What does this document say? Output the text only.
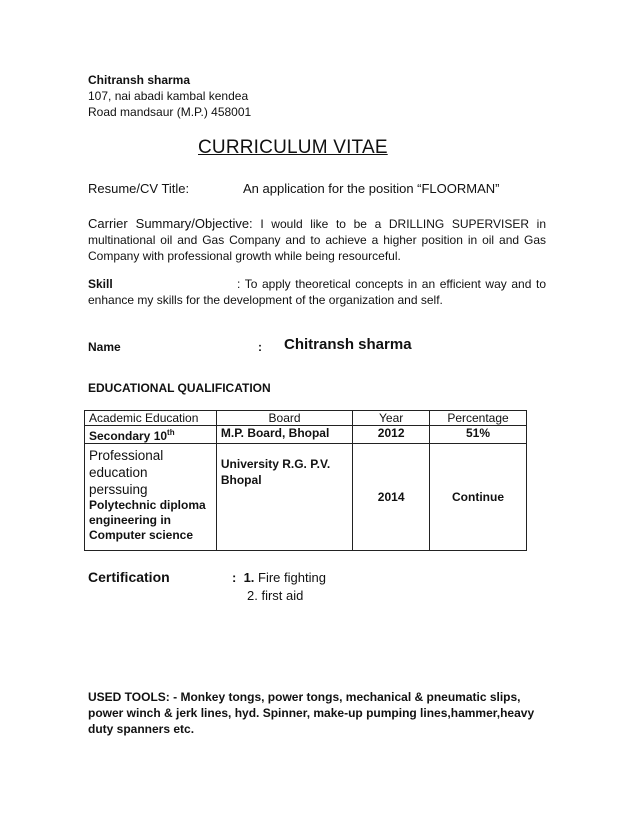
Chitransh sharma
107, nai abadi kambal kendea
Road mandsaur (M.P.) 458001
CURRICULUM VITAE
Resume/CV Title:	An application for the position “FLOORMAN”
Carrier Summary/Objective: I would like to be a DRILLING SUPERVISER in multinational oil and Gas Company and to achieve a higher position in oil and Gas Company with professional growth while being resourceful.
Skill	: To apply theoretical concepts in an efficient way and to enhance my skills for the development of the organization and self.
Name	: Chitransh sharma
EDUCATIONAL QUALIFICATION
Academic Education	Board	Year	Percentage
Secondary 10th	M.P. Board, Bhopal	2012	51%

Professional education perssuing
Polytechnic diploma engineering in Computer science	University R.G. P.V. Bhopal	2014	Continue
Certification	:  1. Fire fighting
2. first aid
USED TOOLS: - Monkey tongs, power tongs, mechanical & pneumatic slips, power winch & jerk lines, hyd. Spinner, make-up pumping lines,hammer,heavy duty spanners etc.
